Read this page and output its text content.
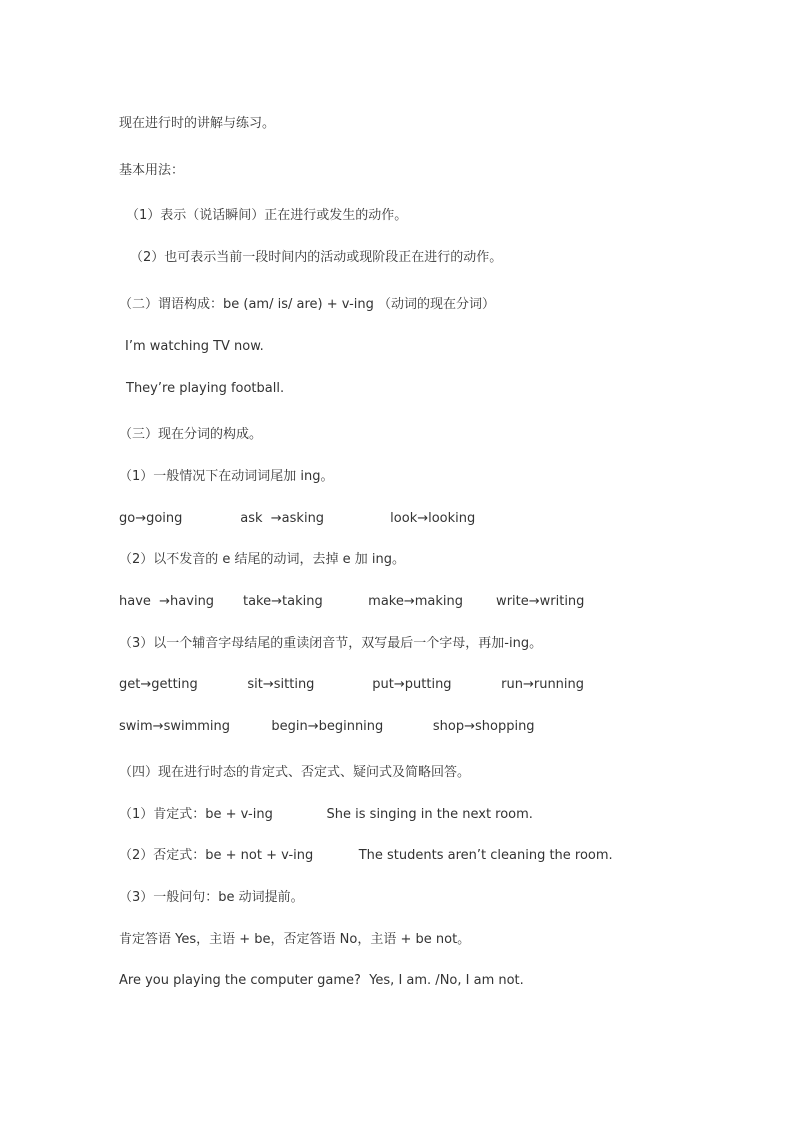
现在进行时的讲解与练习。
基本用法：
（1）表示（说话瞬间）正在进行或发生的动作。
（2）也可表示当前一段时间内的活动或现阶段正在进行的动作。
（二）谓语构成：be (am/ is/ are) + v-ing （动词的现在分词）
I’m watching TV now.
They’re playing football.
（三）现在分词的构成。
（1）一般情况下在动词词尾加 ing。
go→going              ask  →asking                look→looking
（2）以不发音的 e 结尾的动词，去掉 e 加 ing。
have  →having       take→taking           make→making        write→writing
（3）以一个辅音字母结尾的重读闭音节，双写最后一个字母，再加-ing。
get→getting            sit→sitting              put→putting            run→running
swim→swimming          begin→beginning            shop→shopping
（四）现在进行时态的肯定式、否定式、疑问式及简略回答。
（1）肯定式：be + v-ing             She is singing in the next room.
（2）否定式：be + not + v-ing           The students aren’t cleaning the room.
（3）一般问句：be 动词提前。
肯定答语 Yes，主语 + be，否定答语 No，主语 + be not。
Are you playing the computer game?  Yes, I am. /No, I am not.
